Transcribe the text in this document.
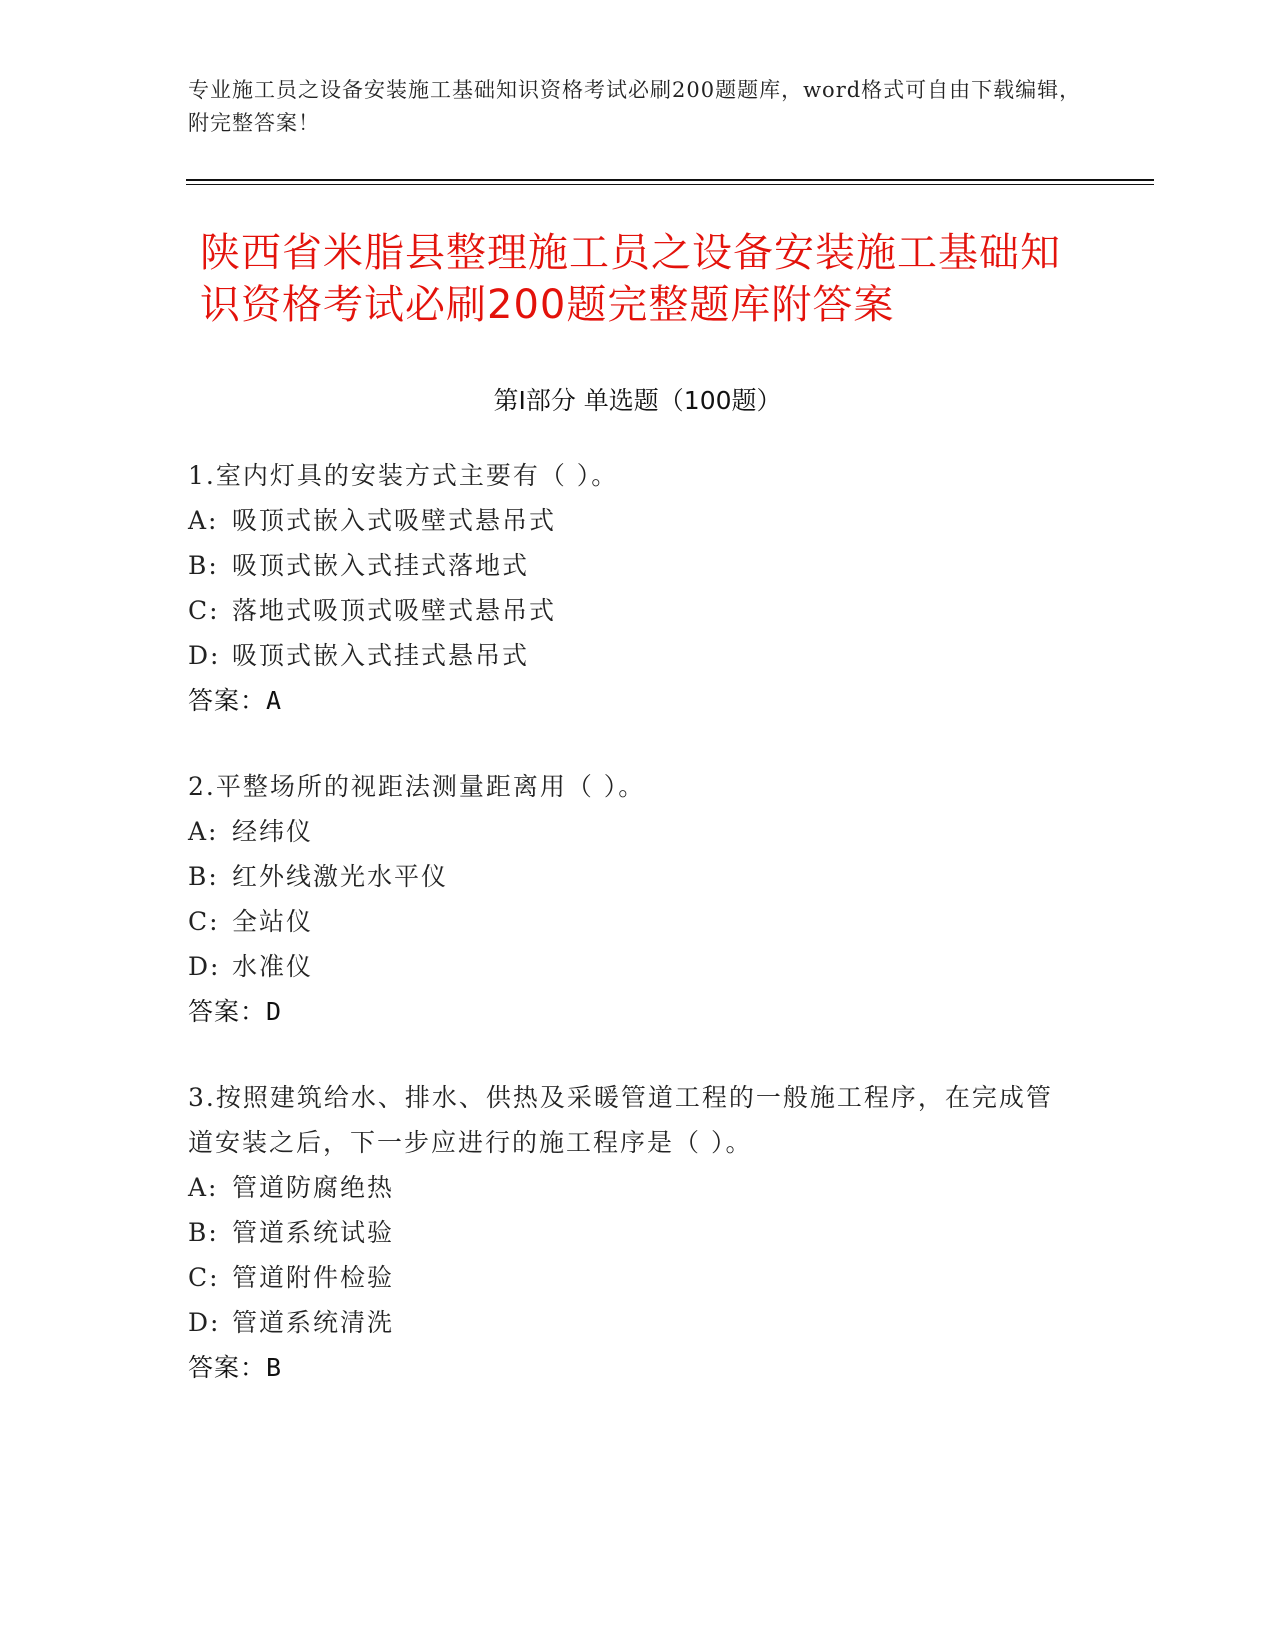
专业施工员之设备安装施工基础知识资格考试必刷200题题库，word格式可自由下载编辑，附完整答案！
陕西省米脂县整理施工员之设备安装施工基础知识资格考试必刷200题完整题库附答案
第Ⅰ部分 单选题（100题）

1.室内灯具的安装方式主要有（ ）。

A: 吸顶式嵌入式吸壁式悬吊式

B: 吸顶式嵌入式挂式落地式

C: 落地式吸顶式吸壁式悬吊式

D: 吸顶式嵌入式挂式悬吊式

答案：A

2.平整场所的视距法测量距离用（ ）。

A: 经纬仪

B: 红外线激光水平仪

C: 全站仪

D: 水准仪

答案：D

3.按照建筑给水、排水、供热及采暖管道工程的一般施工程序，在完成管道安装之后，下一步应进行的施工程序是（ ）。

A: 管道防腐绝热

B: 管道系统试验

C: 管道附件检验

D: 管道系统清洗

答案：B
